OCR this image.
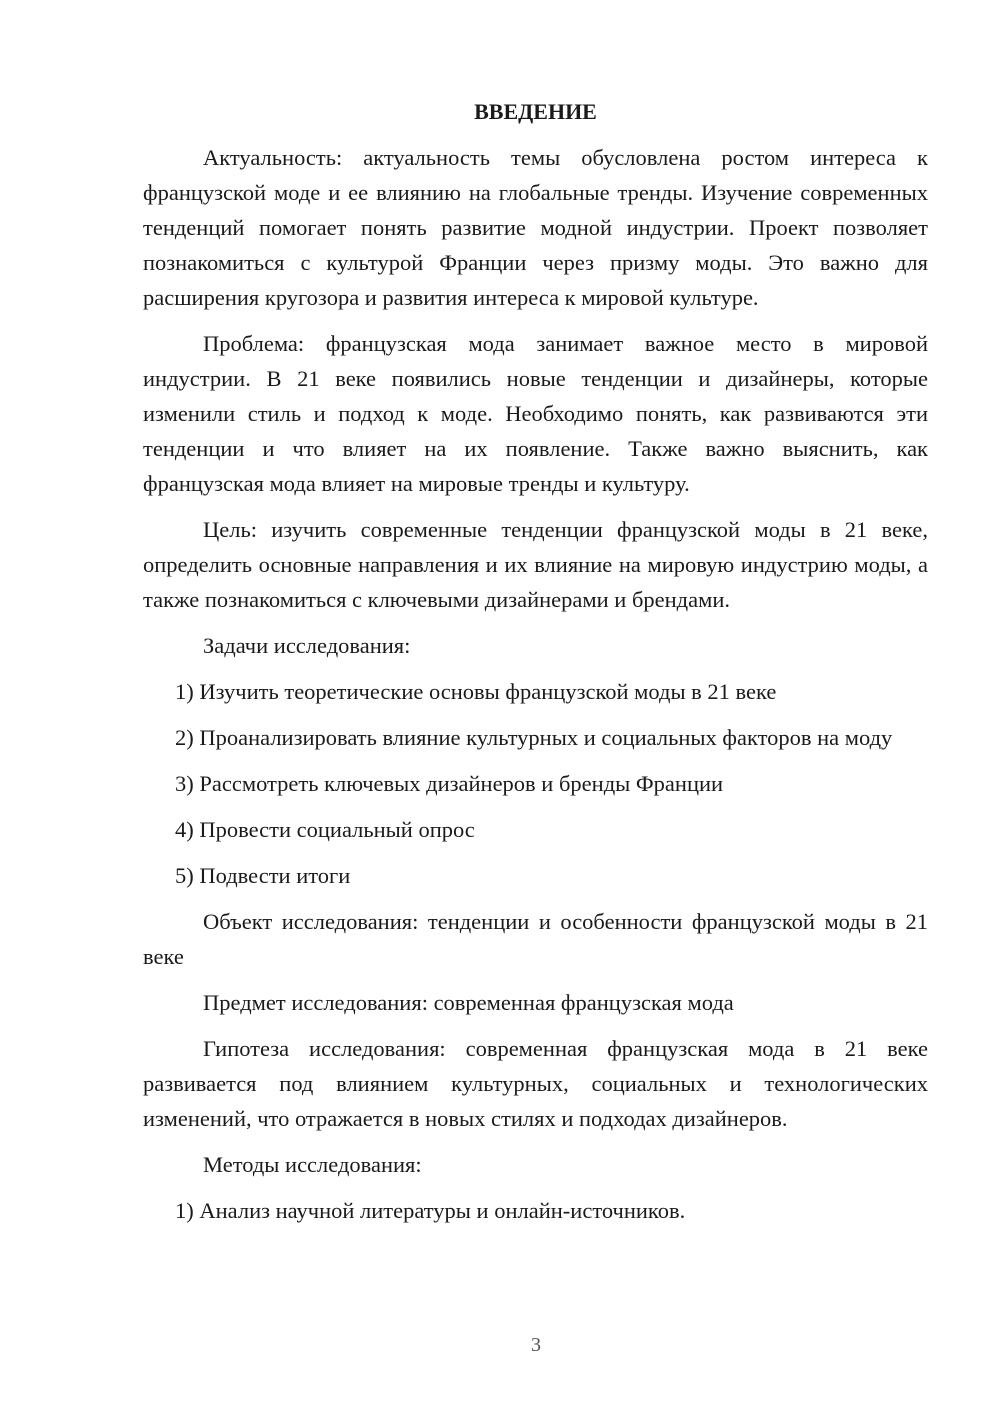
ВВЕДЕНИЕ

Актуальность: актуальность темы обусловлена ростом интереса к французской моде и ее влиянию на глобальные тренды. Изучение современных тенденций помогает понять развитие модной индустрии. Проект позволяет познакомиться с культурой Франции через призму моды. Это важно для расширения кругозора и развития интереса к мировой культуре.

Проблема: французская мода занимает важное место в мировой индустрии. В 21 веке появились новые тенденции и дизайнеры, которые изменили стиль и подход к моде. Необходимо понять, как развиваются эти тенденции и что влияет на их появление. Также важно выяснить, как французская мода влияет на мировые тренды и культуру.

Цель: изучить современные тенденции французской моды в 21 веке, определить основные направления и их влияние на мировую индустрию моды, а также познакомиться с ключевыми дизайнерами и брендами.

Задачи исследования:

1) Изучить теоретические основы французской моды в 21 веке

2) Проанализировать влияние культурных и социальных факторов на моду

3) Рассмотреть ключевых дизайнеров и бренды Франции

4) Провести социальный опрос

5) Подвести итоги

Объект исследования: тенденции и особенности французской моды в 21 веке

Предмет исследования: современная французская мода

Гипотеза исследования: современная французская мода в 21 веке развивается под влиянием культурных, социальных и технологических изменений, что отражается в новых стилях и подходах дизайнеров.

Методы исследования:

1) Анализ научной литературы и онлайн-источников.

3
